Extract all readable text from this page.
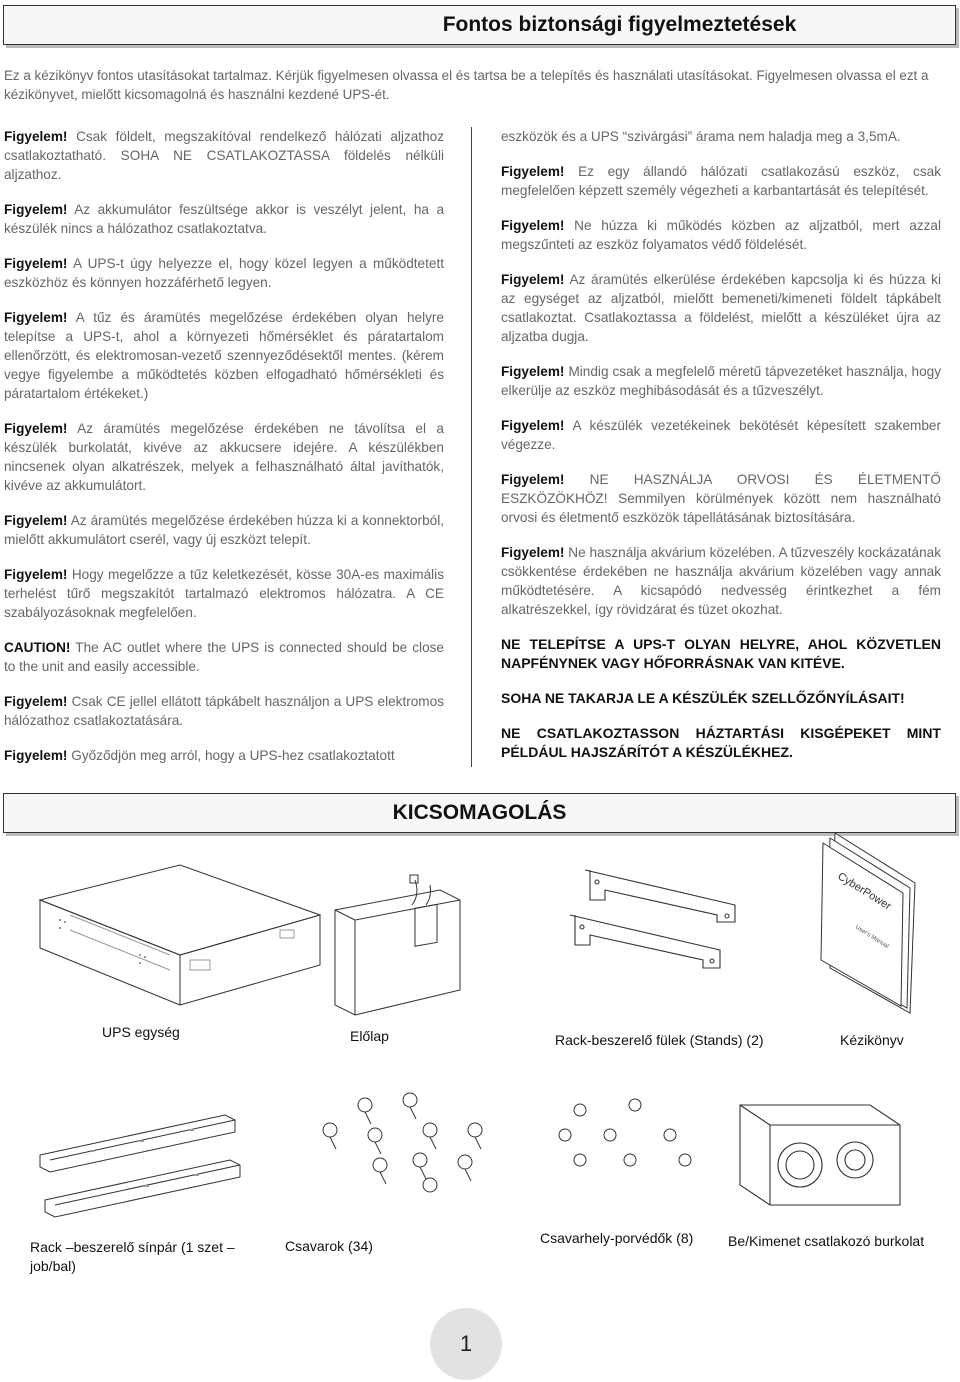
Fontos biztonsági figyelmeztetések
Ez a kézikönyv fontos utasításokat tartalmaz. Kérjük figyelmesen olvassa el és tartsa be a telepítés és használati utasításokat. Figyelmesen olvassa el ezt a kézikönyvet, mielőtt kicsomagolná és használni kezdené UPS-ét.

Figyelem! Csak földelt, megszakítóval rendelkező hálózati aljzathoz csatlakoztatható. SOHA NE CSATLAKOZTASSA földelés nélküli aljzathoz.

Figyelem! Az akkumulátor feszültsége akkor is veszélyt jelent, ha a készülék nincs a hálózathoz csatlakoztatva.

Figyelem! A UPS-t úgy helyezze el, hogy közel legyen a működtetett eszközhöz és könnyen hozzáférhető legyen.

Figyelem! A tűz és áramütés megelőzése érdekében olyan helyre telepítse a UPS-t, ahol a környezeti hőmérséklet és páratartalom ellenőrzött, és elektromosan-vezető szennyeződésektől mentes. (kérem vegye figyelembe a működtetés közben elfogadható hőmérsékleti és páratartalom értékeket.)

Figyelem! Az áramütés megelőzése érdekében ne távolítsa el a készülék burkolatát, kivéve az akkucsere idejére. A készülékben nincsenek olyan alkatrészek, melyek a felhasználható által javíthatók, kivéve az akkumulátort.

Figyelem! Az áramütés megelőzése érdekében húzza ki a konnektorból, mielőtt akkumulátort cserél, vagy új eszközt telepít.

Figyelem! Hogy megelőzze a tűz keletkezését, kösse 30A-es maximális terhelést tűrő megszakítót tartalmazó elektromos hálózatra. A CE szabályozásoknak megfelelően.

CAUTION! The AC outlet where the UPS is connected should be close to the unit and easily accessible.

Figyelem! Csak CE jellel ellátott tápkábelt használjon a UPS elektromos hálózathoz csatlakoztatására.

Figyelem! Győződjön meg arról, hogy a UPS-hez csatlakoztatott

eszközök és a UPS “szivárgási” árama nem haladja meg a 3,5mA.

Figyelem! Ez egy állandó hálózati csatlakozású eszköz, csak megfelelően képzett személy végezheti a karbantartását és telepítését.

Figyelem! Ne húzza ki működés közben az aljzatból, mert azzal megszűnteti az eszköz folyamatos védő földelését.

Figyelem! Az áramütés elkerülése érdekében kapcsolja ki és húzza ki az egységet az aljzatból, mielőtt bemeneti/kimeneti földelt tápkábelt csatlakoztat. Csatlakoztassa a földelést, mielőtt a készüléket újra az aljzatba dugja.

Figyelem! Mindig csak a megfelelő méretű tápvezetéket használja, hogy elkerülje az eszköz meghibásodását és a tűzveszélyt.

Figyelem! A készülék vezetékeinek bekötését képesített szakember végezze.

Figyelem! NE HASZNÁLJA ORVOSI ÉS ÉLETMENTŐ ESZKÖZÖKHÖZ! Semmilyen körülmények között nem használható orvosi és életmentő eszközök tápellátásának biztosítására.

Figyelem! Ne használja akvárium közelében. A tűzveszély kockázatának csökkentése érdekében ne használja akvárium közelében vagy annak működtetésére. A kicsapódó nedvesség érintkezhet a fém alkatrészekkel, így rövidzárat és tüzet okozhat.

NE TELEPÍTSE A UPS-T OLYAN HELYRE, AHOL KÖZVETLEN NAPFÉNYNEK VAGY HŐFORRÁSNAK VAN KITÉVE.

SOHA NE TAKARJA LE A KÉSZÜLÉK SZELLŐZŐNYÍLÁSAIT!

NE CSATLAKOZTASSON HÁZTARTÁSI KISGÉPEKET MINT PÉLDÁUL HAJSZÁRÍTÓT A KÉSZÜLÉKHEZ.

KICSOMAGOLÁS
CyberPower
User's Manual
UPS egység	Előlap	Rack-beszerelő fülek (Stands) (2)	Kézikönyv
Rack –beszerelő sínpár (1 szet – job/bal)
Csavarok (34)	Csavarhely-porvédők (8) Be/Kimenet csatlakozó burkolat
1
